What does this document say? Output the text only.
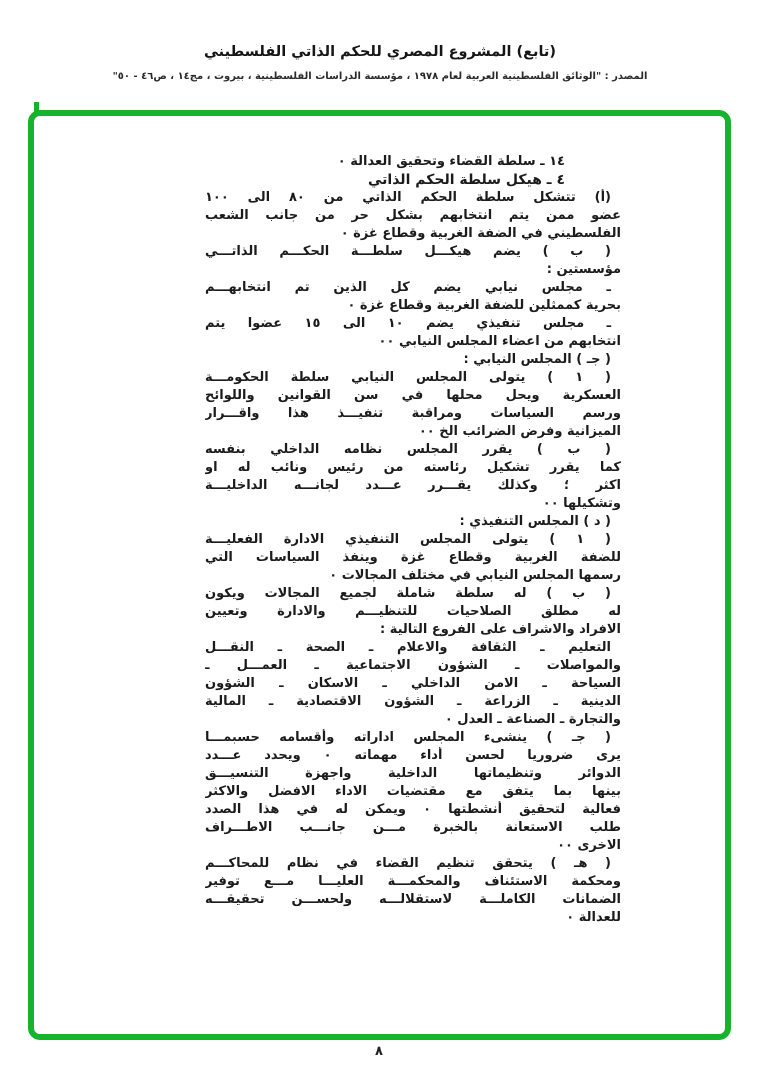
(تابع) المشروع المصري للحكم الذاتي الفلسطيني
المصدر : "الوثائق الفلسطينية العربية لعام ١٩٧٨ ، مؤسسة الدراسات الفلسطينية ، بيروت ، مج١٤ ، ص٤٦ - ٥٠"
١٤ ـ سلطة القضاء وتحقيق العدالة ٠
٤ ـ هيكل سلطة الحكم الذاتي
(أ) تتشكل سلطة الحكم الذاتي من ٨٠ الى ١٠٠
عضو ممن يتم انتخابهم بشكل حر من جانب الشعب
الفلسطيني في الضفة الغربية وقطاع غزة ٠
( ب ) يضم هيكـــل سلطـــة الحكـــم الذاتـــي
مؤسستين :
ـ مجلس نيابي يضم كل الذين تم انتخابهـــم
بحرية كممثلين للضفة الغربية وقطاع غزة ٠
ـ مجلس تنفيذي يضم ١٠ الى ١٥ عضوا يتم
انتخابهم من اعضاء المجلس النيابي ٠٠
( جـ ) المجلس النيابي :
( ١ ) يتولى المجلس النيابي سلطة الحكومـــة
العسكرية ويحل محلها في سن القوانين واللوائح
ورسم السياسات ومراقبة تنفيـــذ هذا واقـــرار
الميزانية وفرض الضرائب الخ ٠٠
( ب ) يقرر المجلس نظامه الداخلي بنفسه
كما يقرر تشكيل رئاسته من رئيس ونائب له او
اكثر ؛ وكذلك يقـــرر عـــدد لجانـــه الداخليـــة
وتشكيلها ٠٠
( د ) المجلس التنفيذي :
( ١ ) يتولى المجلس التنفيذي الادارة الفعليـــة
للضفة الغربية وقطاع غزة وينفذ السياسات التي
رسمها المجلس النيابي في مختلف المجالات ٠
( ب ) له سلطة شاملة لجميع المجالات ويكون
له مطلق الصلاحيات للتنظيـــم والادارة وتعيين
الافراد والاشراف على الفروع التالية :
التعليم ـ الثقافة والاعلام ـ الصحة ـ النقـــل
والمواصلات ـ الشؤون الاجتماعية ـ العمـــل ـ
السياحة ـ الامن الداخلي ـ الاسكان ـ الشؤون
الدينية ـ الزراعة ـ الشؤون الاقتصادية ـ المالية
والتجارة ـ الصناعة ـ العدل ٠
( جـ ) ينشىء المجلس اداراته وأقسامه حسبمـــا
يرى ضروريا لحسن أداء مهماته ٠ ويحدد عـــدد
الدوائر وتنظيماتها الداخلية واجهزة التنسيـــق
بينها بما يتفق مع مقتضيات الاداء الافضل والاكثر
فعالية لتحقيق أنشطتها ٠ ويمكن له في هذا الصدد
طلب الاستعانة بالخبرة مـــن جانـــب الاطـــراف
الاخرى ٠٠
( هـ ) يتحقق تنظيم القضاء في نظام للمحاكـــم
ومحكمة الاستئناف والمحكمـــة العليـــا مـــع توفير
الضمانات الكاملـــة لاستقلالـــه ولحســـن تحقيقـــه
للعدالة ٠
٨
